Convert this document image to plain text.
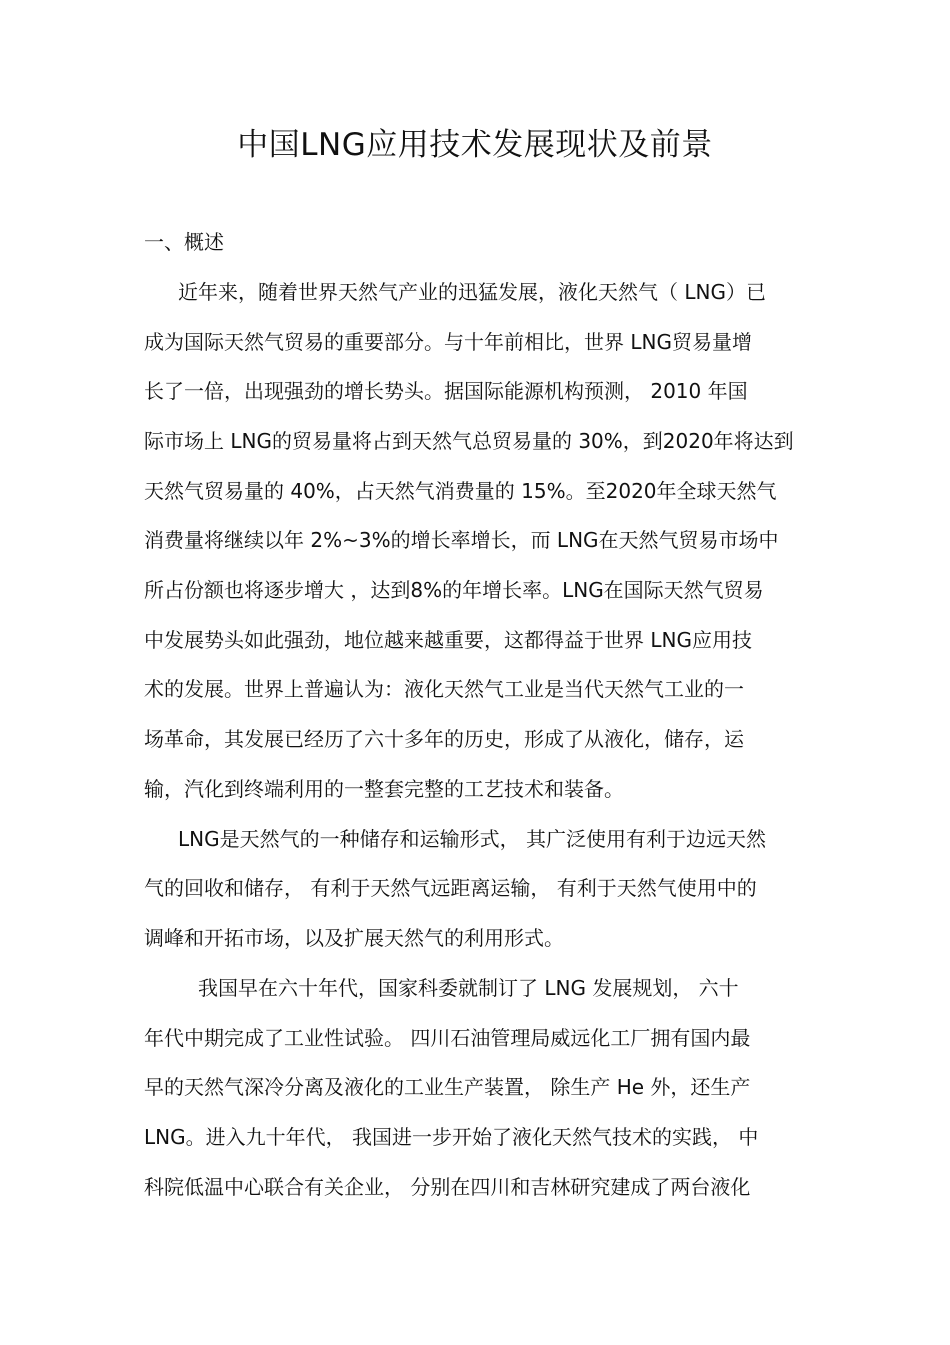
中国LNG应用技术发展现状及前景
一、概述
近年来，随着世界天然气产业的迅猛发展，液化天然气（ LNG）已
成为国际天然气贸易的重要部分。与十年前相比，世界 LNG贸易量增
长了一倍，出现强劲的增长势头。据国际能源机构预测， 2010 年国
际市场上 LNG的贸易量将占到天然气总贸易量的 30%，到2020年将达到
天然气贸易量的 40%，占天然气消费量的 15%。至2020年全球天然气
消费量将继续以年 2%~3%的增长率增长，而 LNG在天然气贸易市场中
所占份额也将逐步增大 ，达到8%的年增长率。LNG在国际天然气贸易
中发展势头如此强劲，地位越来越重要，这都得益于世界 LNG应用技
术的发展。世界上普遍认为：液化天然气工业是当代天然气工业的一
场革命，其发展已经历了六十多年的历史，形成了从液化，储存，运
输，汽化到终端利用的一整套完整的工艺技术和装备。
LNG是天然气的一种储存和运输形式， 其广泛使用有利于边远天然
气的回收和储存， 有利于天然气远距离运输， 有利于天然气使用中的
调峰和开拓市场，以及扩展天然气的利用形式。
我国早在六十年代，国家科委就制订了 LNG 发展规划， 六十
年代中期完成了工业性试验。 四川石油管理局威远化工厂拥有国内最
早的天然气深冷分离及液化的工业生产装置， 除生产 He 外，还生产
LNG。进入九十年代， 我国进一步开始了液化天然气技术的实践， 中
科院低温中心联合有关企业， 分别在四川和吉林研究建成了两台液化
